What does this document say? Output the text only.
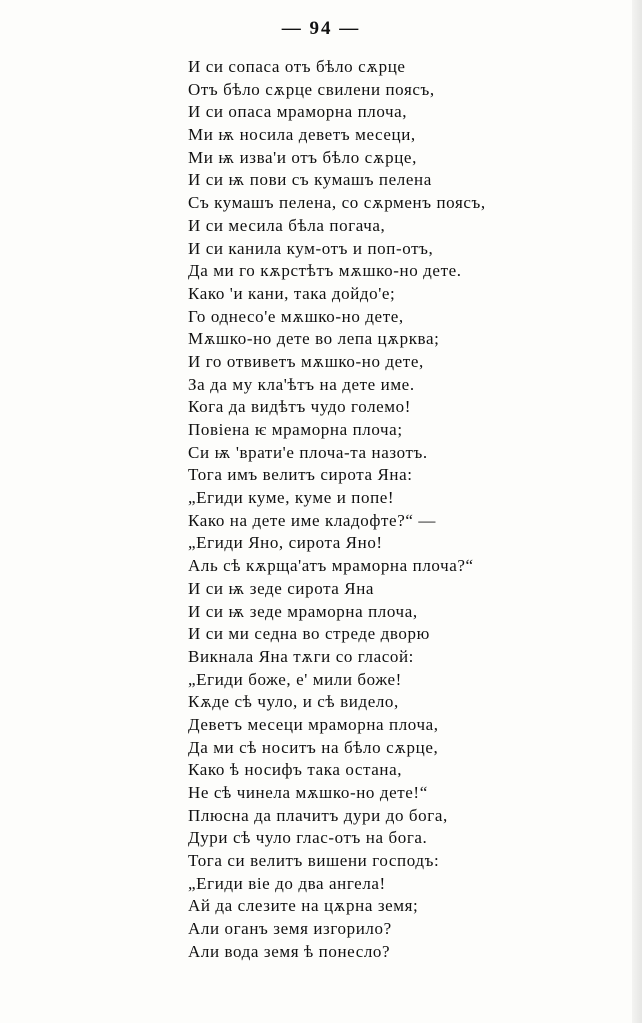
— 94 —
И си сопаса отъ бѣло сѫрце
Отъ бѣло сѫрце свилени поясъ,
И си опаса мраморна плоча,
Ми ѭ носила деветъ месеци,
Ми ѭ изва'и отъ бѣло сѫрце,
И си ѭ пови съ кумашъ пелена
Съ кумашъ пелена, со сѫрменъ поясъ,
И си месила бѣла погача,
И си канила кум-отъ и поп-отъ,
Да ми го кѫрстѣтъ мѫшко-но дете.
Како 'и кани, така дойдо'е;
Го однесо'е мѫшко-но дете,
Мѫшко-но дете во лепа цѫрква;
И го отвиветъ мѫшко-но дете,
За да му кла'ѣтъ на дете име.
Кога да видѣтъ чудо големо!
Повіена ѥ мраморна плоча;
Си ѭ 'врати'е плоча-та назотъ.
Тога имъ велитъ сирота Яна:
„Егиди куме, куме и попе!
Како на дете име кладофте?“ —
„Егиди Яно, сирота Яно!
Аль сѣ кѫрща'атъ мраморна плоча?“
И си ѭ зеде сирота Яна
И си ѭ зеде мраморна плоча,
И си ми седна во стреде дворю
Викнала Яна тѫги со гласой:
„Егиди боже, е' мили боже!
Кѫде сѣ чуло, и сѣ видело,
Деветъ месеци мраморна плоча,
Да ми сѣ носитъ на бѣло сѫрце,
Како ѣ носифъ така остана,
Не сѣ чинела мѫшко-но дете!“
Плюсна да плачитъ дури до бога,
Дури сѣ чуло глас-отъ на бога.
Тога си велитъ вишени господъ:
„Егиди віе до два ангела!
Ай да слезите на цѫрна земя;
Али оганъ земя изгорило?
Али вода земя ѣ понесло?
